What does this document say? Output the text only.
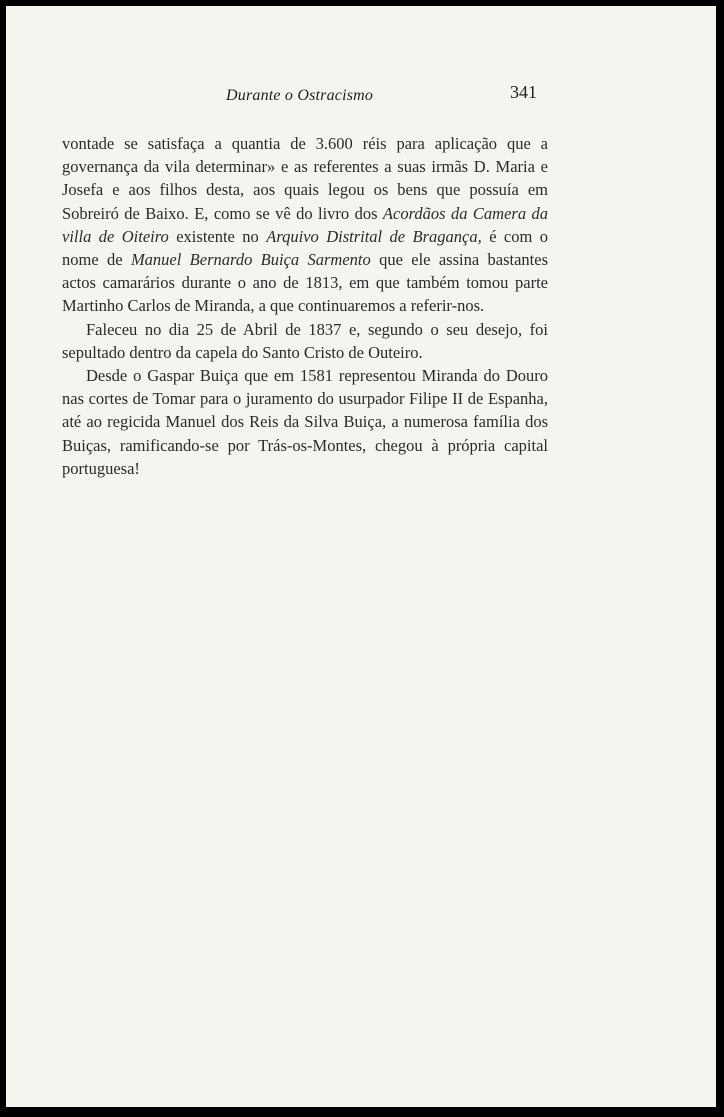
Durante o Ostracismo	341

vontade se satisfaça a quantia de 3.600 réis para aplicação que a governança da vila determinar» e as referentes a suas irmãs D. Maria e Josefa e aos filhos desta, aos quais legou os bens que possuía em Sobreiró de Baixo. E, como se vê do livro dos Acordãos da Camera da villa de Oiteiro existente no Arquivo Distrital de Bragança, é com o nome de Manuel Bernardo Buiça Sarmento que ele assina bastantes actos camarários durante o ano de 1813, em que também tomou parte Martinho Carlos de Miranda, a que continuaremos a referir-nos.

Faleceu no dia 25 de Abril de 1837 e, segundo o seu desejo, foi sepultado dentro da capela do Santo Cristo de Outeiro.

Desde o Gaspar Buiça que em 1581 representou Miranda do Douro nas cortes de Tomar para o juramento do usurpador Filipe II de Espanha, até ao regicida Manuel dos Reis da Silva Buiça, a numerosa família dos Buiças, ramificando-se por Trás-os-Montes, chegou à própria capital portuguesa!
